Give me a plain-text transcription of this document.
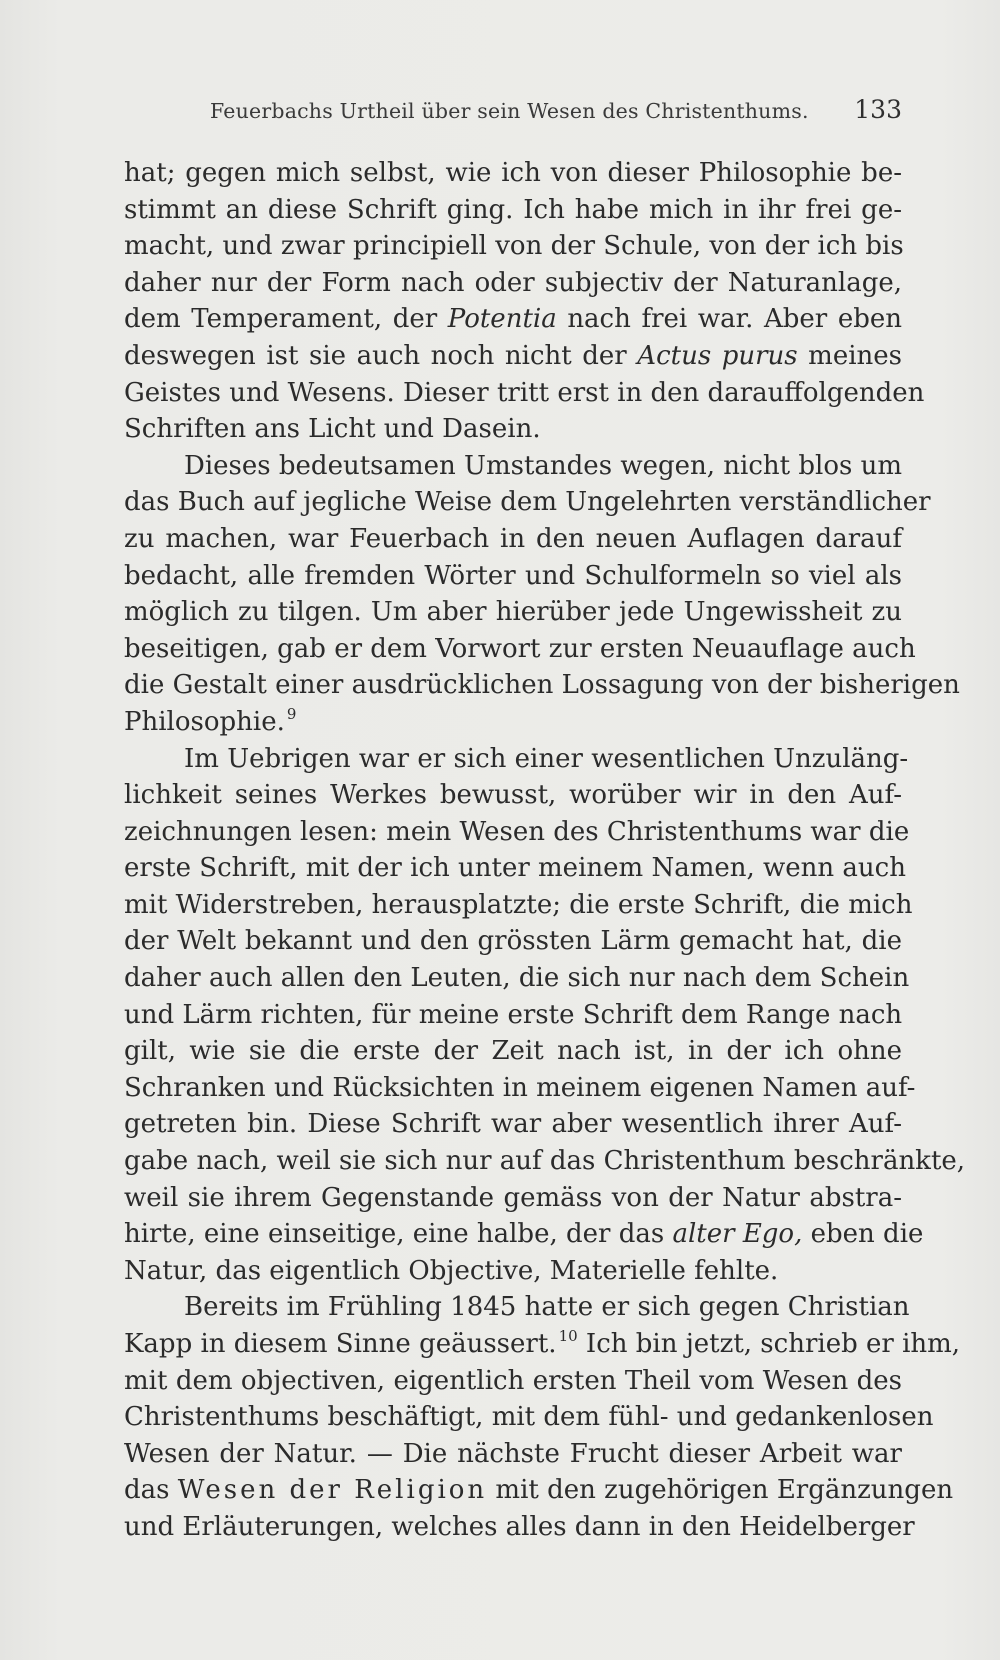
Feuerbachs Urtheil über sein Wesen des Christenthums. 133
hat; gegen mich selbst, wie ich von dieser Philosophie be-
stimmt an diese Schrift ging. Ich habe mich in ihr frei ge-
macht, und zwar principiell von der Schule, von der ich bis
daher nur der Form nach oder subjectiv der Naturanlage,
dem Temperament, der Potentia nach frei war. Aber eben
deswegen ist sie auch noch nicht der Actus purus meines
Geistes und Wesens. Dieser tritt erst in den darauffolgenden
Schriften ans Licht und Dasein.
Dieses bedeutsamen Umstandes wegen, nicht blos um
das Buch auf jegliche Weise dem Ungelehrten verständlicher
zu machen, war Feuerbach in den neuen Auflagen darauf
bedacht, alle fremden Wörter und Schulformeln so viel als
möglich zu tilgen. Um aber hierüber jede Ungewissheit zu
beseitigen, gab er dem Vorwort zur ersten Neuauflage auch
die Gestalt einer ausdrücklichen Lossagung von der bisherigen
Philosophie. $^9$
Im Uebrigen war er sich einer wesentlichen Unzuläng-
lichkeit seines Werkes bewusst, worüber wir in den Auf-
zeichnungen lesen: mein Wesen des Christenthums war die
erste Schrift, mit der ich unter meinem Namen, wenn auch
mit Widerstreben, herausplatzte; die erste Schrift, die mich
der Welt bekannt und den grössten Lärm gemacht hat, die
daher auch allen den Leuten, die sich nur nach dem Schein
und Lärm richten, für meine erste Schrift dem Range nach
gilt, wie sie die erste der Zeit nach ist, in der ich ohne
Schranken und Rücksichten in meinem eigenen Namen auf-
getreten bin. Diese Schrift war aber wesentlich ihrer Auf-
gabe nach, weil sie sich nur auf das Christenthum beschränkte,
weil sie ihrem Gegenstande gemäss von der Natur abstra-
hirte, eine einseitige, eine halbe, der das alter Ego, eben die
Natur, das eigentlich Objective, Materielle fehlte.
Bereits im Frühling 1845 hatte er sich gegen Christian
Kapp in diesem Sinne geäussert. $^{10}$ Ich bin jetzt, schrieb er ihm,
mit dem objectiven, eigentlich ersten Theil vom Wesen des
Christenthums beschäftigt, mit dem fühl- und gedankenlosen
Wesen der Natur. — Die nächste Frucht dieser Arbeit war
das Wesen der Religion mit den zugehörigen Ergänzungen
und Erläuterungen, welches alles dann in den Heidelberger
